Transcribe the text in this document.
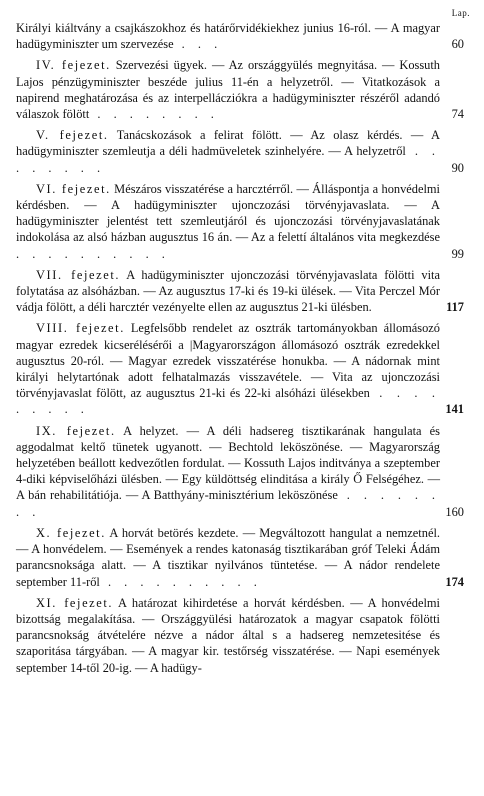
Lap.
Királyi kiáltvány a csajkászokhoz és határőrvidékiekhez junius 16-ról. — A magyar hadügyminiszter um szervezése . . .	60
IV. fejezet. Szervezési ügyek. — Az országgyülés megnyitása. — Kossuth Lajos pénzügyminiszter beszéde julius 11-én a helyzetről. — Vitatkozások a napirend meghatározása és az interpellácziókra a hadügyminiszter részéről adandó válaszok fölött . . . . . . . .	74
V. fejezet. Tanácskozások a felirat fölött. — Az olasz kérdés. — A hadügyminiszter szemleutja a déli hadmüveletek szinhelyére. — A helyzetről . . . . . . . .	90
VI. fejezet. Mészáros visszatérése a harcztérről. — Álláspontja a honvédelmi kérdésben. — A hadügyminiszter ujonczozási törvényjavaslata. — A hadügyminiszter jelentést tett szemleutjáról és ujonczozási törvényjavaslatának indokolása az alsó házban augusztus 16 án. — Az a felettí általános vita megkezdése . . . . . . . . . .	99
VII. fejezet. A hadügyminiszter ujonczozási törvényjavaslata fölötti vita folytatása az alsóházban. — Az augusztus 17-ki és 19-ki ülések. — Vita Perczel Mór vádja fölött, a déli harcztér vezényelte ellen az augusztus 21-ki ülésben.	117
VIII. fejezet. Legfelsőbb rendelet az osztrák tartományokban állomásozó magyar ezredek kicserélésérői a |Magyarországon állomásozó osztrák ezredekkel augusztus 20-ról. — Magyar ezredek visszatérése honukba. — A nádornak mint királyi helytartónak adott felhatalmazás visszavétele. — Vita az ujonczozási törvényjavaslat fölött, az augusztus 21-ki és 22-ki alsóházi ülésekben . . . . . . . . .	141
IX. fejezet. A helyzet. — A déli hadsereg tisztikarának hangulata és aggodalmat keltő tünetek ugyanott. — Bechtold leköszönése. — Magyarország helyzetében beállott kedvezőtlen fordulat. — Kossuth Lajos inditványa a szeptember 4-diki képviselőházi ülésben. — Egy küldöttség elinditása a király Ő Felségéhez. — A bán rehabilitátiója. — A Batthyány-minisztérium leköszönése . . . . . . . .	160
X. fejezet. A horvát betörés kezdete. — Megváltozott hangulat a nemzetnél. — A honvédelem. — Események a rendes katonaság tisztikarában gróf Teleki Ádám parancsnoksága alatt. — A tisztikar nyilvános tüntetése. — A nádor rendelete september 11-ről . . . . . . . . . .	174
XI. fejezet. A határozat kihirdetése a horvát kérdésben. — A honvédelmi bizottság megalakítása. — Országgyülési határozatok a magyar csapatok fölötti parancsnokság átvételére nézve a nádor által s a hadsereg nemzetesitése és szaporitása tárgyában. — A magyar kir. testőrség visszatérése. — Napi események september 14-től 20-ig. — A hadügy-
